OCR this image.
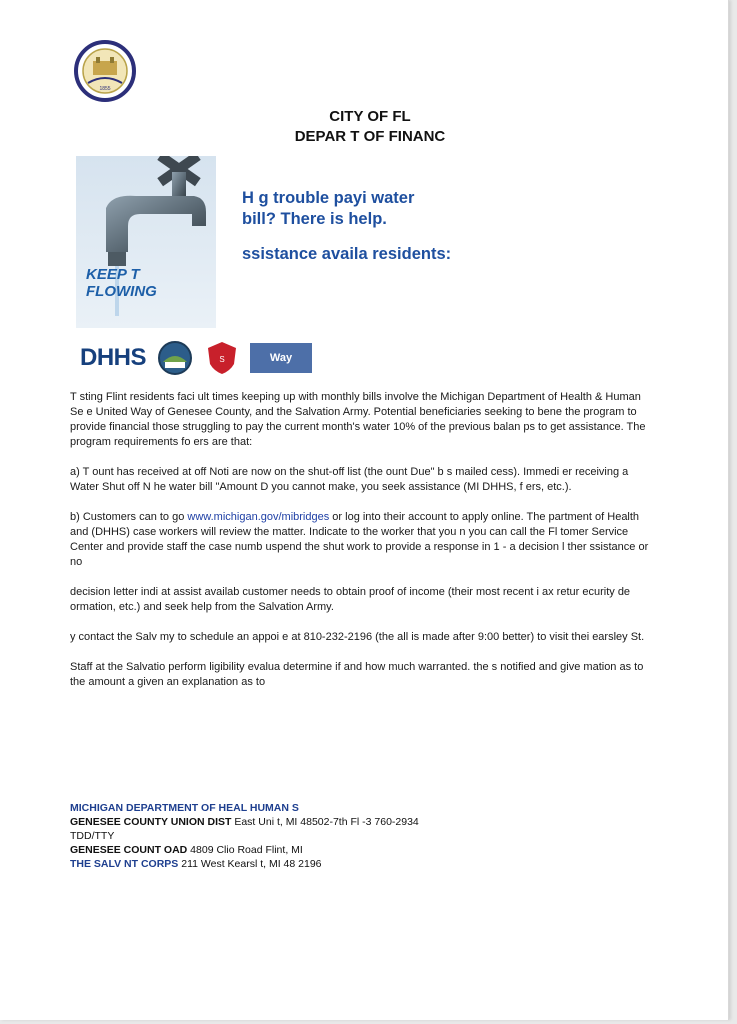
1855
CITY OF FL
DEPAR T OF FINANC
KEEP T
FLOWING
H g trouble payi water
bill? There is help.
ssistance availa residents:
DHHS	S	Way

T sting Flint residents faci ult times keeping up with monthly bills involve the Michigan Department of Health & Human Se e United Way of Genesee County, and the Salvation Army. Potential beneficiaries seeking to bene the program to provide financial those struggling to pay the current month's water 10% of the previous balan ps to get assistance. The program requirements fo ers are that:

a) T ount has received at off Noti are now on the shut-off list (the ount Due" b s mailed cess). Immedi er receiving a Water Shut off N he water bill "Amount D you cannot make, you seek assistance (MI DHHS, f ers, etc.).

b) Customers can to go www.michigan.gov/mibridges or log into their account to apply online. The partment of Health and (DHHS) case workers will review the matter. Indicate to the worker that you n you can call the Fl tomer Service Center and provide staff the case numb uspend the shut work to provide a response in 1 - a decision l ther ssistance or no

decision letter indi at assist availab customer needs to obtain proof of income (their most recent i ax retur ecurity de ormation, etc.) and seek help from the Salvation Army.

y contact the Salv my to schedule an appoi e at 810-232-2196 (the all is made after 9:00 better) to visit thei earsley St.

Staff at the Salvatio perform ligibility evalua determine if and how much warranted. the s notified and give mation as to the amount a given an explanation as to

MICHIGAN DEPARTMENT OF HEAL HUMAN S
GENESEE COUNTY UNION DIST East Uni t, MI 48502-7th Fl -3 760-2934
TDD/TTY
GENESEE COUNT OAD 4809 Clio Road Flint, MI
THE SALV NT CORPS 211 West Kearsl t, MI 48 2196
